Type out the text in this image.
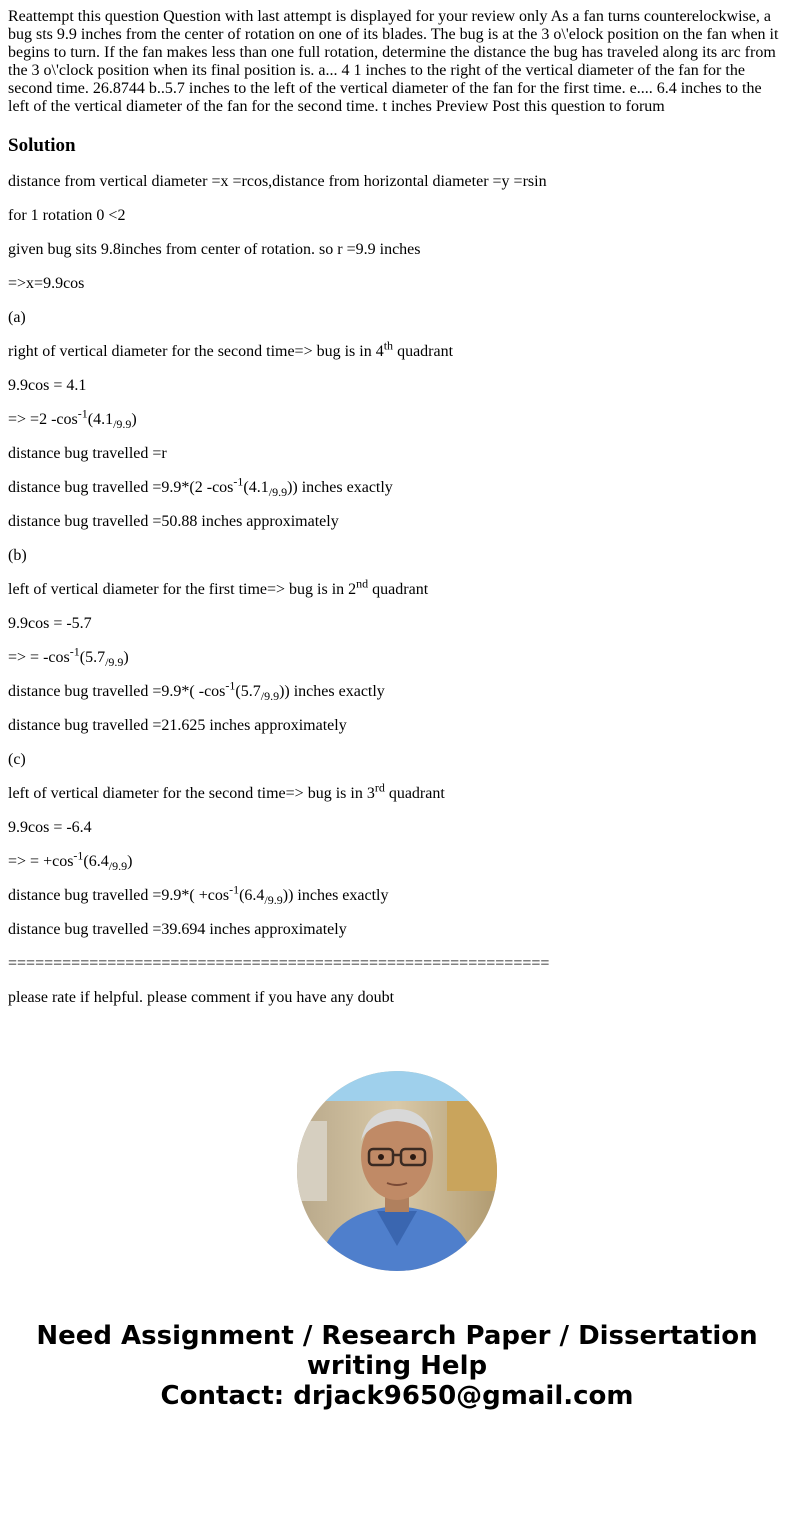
Reattempt this question Question with last attempt is displayed for your review only As a fan turns counterelockwise, a bug sts 9.9 inches from the center of rotation on one of its blades. The bug is at the 3 o\'elock position on the fan when it begins to turn. If the fan makes less than one full rotation, determine the distance the bug has traveled along its arc from the 3 o\'clock position when its final position is. a... 4 1 inches to the right of the vertical diameter of the fan for the second time. 26.8744 b..5.7 inches to the left of the vertical diameter of the fan for the first time. e.... 6.4 inches to the left of the vertical diameter of the fan for the second time. t inches Preview Post this question to forum

Solution
distance from vertical diameter =x =rcos,distance from horizontal diameter =y =rsin
for 1 rotation 0 <2
given bug sits 9.8inches from center of rotation. so r =9.9 inches
=>x=9.9cos
(a)
right of vertical diameter for the second time=> bug is in 4th quadrant
9.9cos = 4.1
=> =2 $-\cos^{-1}(4.1_{/9.9})$
distance bug travelled =r
distance bug travelled =9.9*(2 $-\cos^{-1}(4.1_{/9.9})$) inches exactly
distance bug travelled =50.88 inches approximately
(b)
left of vertical diameter for the first time=> bug is in 2nd quadrant
9.9cos = -5.7
=> = $-\cos^{-1}(5.7_{/9.9})$
distance bug travelled =9.9*( $-\cos^{-1}(5.7_{/9.9})$) inches exactly
distance bug travelled =21.625 inches approximately
(c)
left of vertical diameter for the second time=> bug is in 3rd quadrant
9.9cos = -6.4
=> = $+\cos^{-1}(6.4_{/9.9})$
distance bug travelled $=9.9*( +\cos^{-1}(6.4_{/9.9}))$ inches exactly
distance bug travelled =39.694 inches approximately
============================================================
please rate if helpful. please comment if you have any doubt
Need Assignment / Research Paper / Dissertation
writing Help
Contact: drjack9650@gmail.com
